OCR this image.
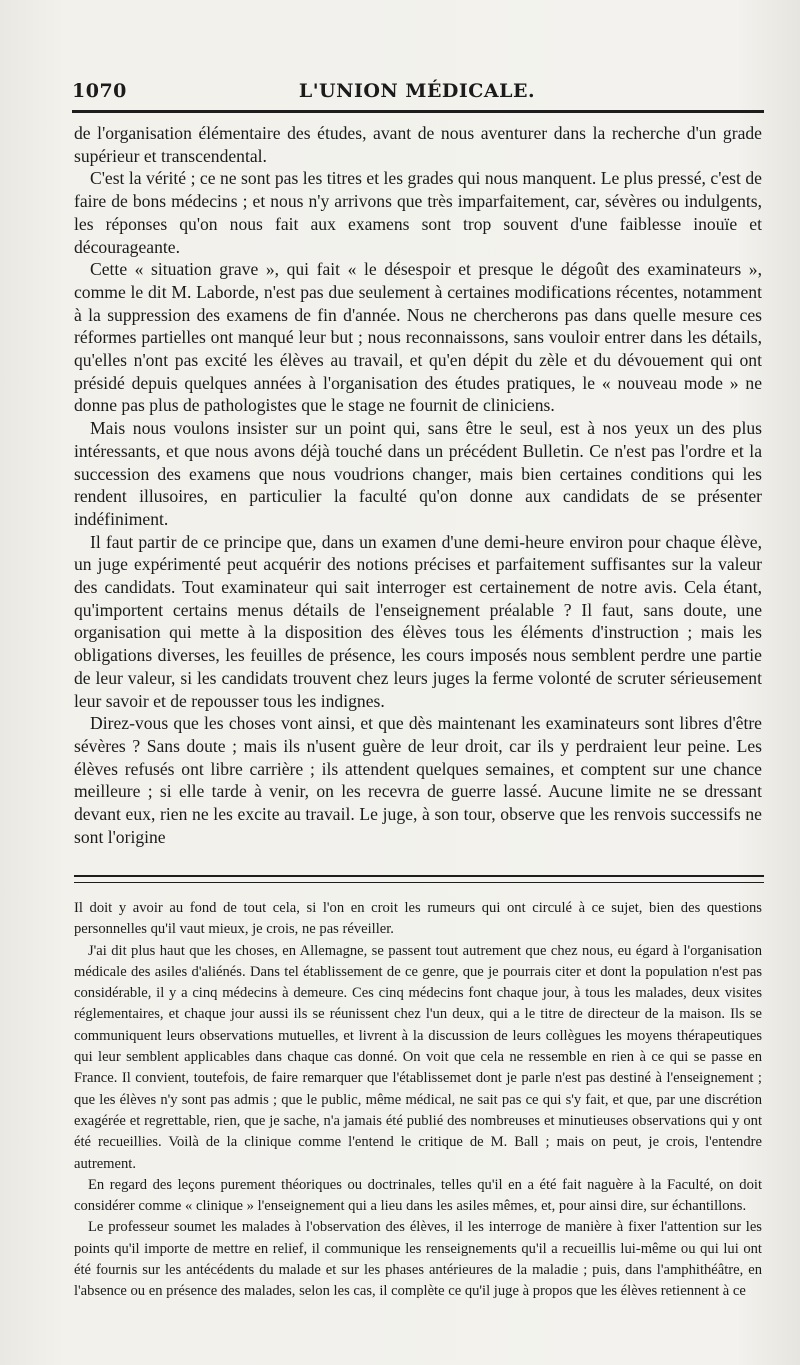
1070	L'UNION MÉDICALE.

de l'organisation élémentaire des études, avant de nous aventurer dans la recherche d'un grade supérieur et transcendental.

C'est la vérité ; ce ne sont pas les titres et les grades qui nous manquent. Le plus pressé, c'est de faire de bons médecins ; et nous n'y arrivons que très imparfaitement, car, sévères ou indulgents, les réponses qu'on nous fait aux examens sont trop souvent d'une faiblesse inouïe et décourageante.

Cette « situation grave », qui fait « le désespoir et presque le dégoût des examinateurs », comme le dit M. Laborde, n'est pas due seulement à certaines modifications récentes, notamment à la suppression des examens de fin d'année. Nous ne chercherons pas dans quelle mesure ces réformes partielles ont manqué leur but ; nous reconnaissons, sans vouloir entrer dans les détails, qu'elles n'ont pas excité les élèves au travail, et qu'en dépit du zèle et du dévouement qui ont présidé depuis quelques années à l'organisation des études pratiques, le « nouveau mode » ne donne pas plus de pathologistes que le stage ne fournit de cliniciens.

Mais nous voulons insister sur un point qui, sans être le seul, est à nos yeux un des plus intéressants, et que nous avons déjà touché dans un précédent Bulletin. Ce n'est pas l'ordre et la succession des examens que nous voudrions changer, mais bien certaines conditions qui les rendent illusoires, en particulier la faculté qu'on donne aux candidats de se présenter indéfiniment.

Il faut partir de ce principe que, dans un examen d'une demi-heure environ pour chaque élève, un juge expérimenté peut acquérir des notions précises et parfaitement suffisantes sur la valeur des candidats. Tout examinateur qui sait interroger est certainement de notre avis. Cela étant, qu'importent certains menus détails de l'enseignement préalable ? Il faut, sans doute, une organisation qui mette à la disposition des élèves tous les éléments d'instruction ; mais les obligations diverses, les feuilles de présence, les cours imposés nous semblent perdre une partie de leur valeur, si les candidats trouvent chez leurs juges la ferme volonté de scruter sérieusement leur savoir et de repousser tous les indignes.

Direz-vous que les choses vont ainsi, et que dès maintenant les examinateurs sont libres d'être sévères ? Sans doute ; mais ils n'usent guère de leur droit, car ils y perdraient leur peine. Les élèves refusés ont libre carrière ; ils attendent quelques semaines, et comptent sur une chance meilleure ; si elle tarde à venir, on les recevra de guerre lassé. Aucune limite ne se dressant devant eux, rien ne les excite au travail. Le juge, à son tour, observe que les renvois successifs ne sont l'origine

Il doit y avoir au fond de tout cela, si l'on en croit les rumeurs qui ont circulé à ce sujet, bien des questions personnelles qu'il vaut mieux, je crois, ne pas réveiller.

J'ai dit plus haut que les choses, en Allemagne, se passent tout autrement que chez nous, eu égard à l'organisation médicale des asiles d'aliénés. Dans tel établissement de ce genre, que je pourrais citer et dont la population n'est pas considérable, il y a cinq médecins à demeure. Ces cinq médecins font chaque jour, à tous les malades, deux visites réglementaires, et chaque jour aussi ils se réunissent chez l'un deux, qui a le titre de directeur de la maison. Ils se communiquent leurs observations mutuelles, et livrent à la discussion de leurs collègues les moyens thérapeutiques qui leur semblent applicables dans chaque cas donné. On voit que cela ne ressemble en rien à ce qui se passe en France. Il convient, toutefois, de faire remarquer que l'établissemet dont je parle n'est pas destiné à l'enseignement ; que les élèves n'y sont pas admis ; que le public, même médical, ne sait pas ce qui s'y fait, et que, par une discrétion exagérée et regrettable, rien, que je sache, n'a jamais été publié des nombreuses et minutieuses observations qui y ont été recueillies. Voilà de la clinique comme l'entend le critique de M. Ball ; mais on peut, je crois, l'entendre autrement.

En regard des leçons purement théoriques ou doctrinales, telles qu'il en a été fait naguère à la Faculté, on doit considérer comme « clinique » l'enseignement qui a lieu dans les asiles mêmes, et, pour ainsi dire, sur échantillons.

Le professeur soumet les malades à l'observation des élèves, il les interroge de manière à fixer l'attention sur les points qu'il importe de mettre en relief, il communique les renseignements qu'il a recueillis lui-même ou qui lui ont été fournis sur les antécédents du malade et sur les phases antérieures de la maladie ; puis, dans l'amphithéâtre, en l'absence ou en présence des malades, selon les cas, il complète ce qu'il juge à propos que les élèves retiennent à ce
